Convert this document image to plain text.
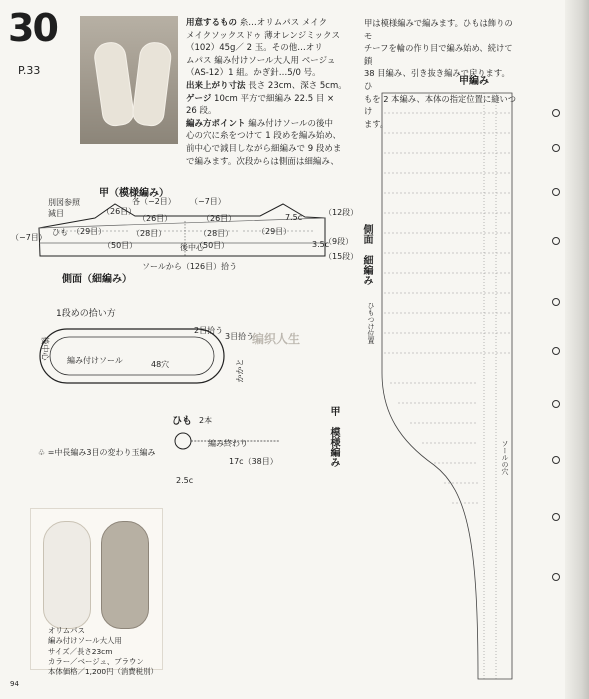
30
P.33
用意するもの 糸…オリムパス メイク
メイクソックスドゥ 薄オレンジミックス
（102）45g／ 2 玉。その他…オリ
ムパス 編み付けソール大人用 ベージュ
（AS-12）1 組。かぎ針…5/0 号。
出来上がり寸法 長さ 23cm、深さ 5cm。
ゲージ 10cm 平方で細編み 22.5 目 ×
26 段。
編み方ポイント 編み付けソールの後中
心の穴に糸をつけて 1 段めを編み始め、
前中心で減目しながら細編みで 9 段めま
で編みます。次段からは側面は細編み、
甲は模様編みで編みます。ひもは飾りのモ
チーフを輪の作り目で編み始め、続けて鎖
38 目編み、引き抜き編みで戻ります。ひ
もを 2 本編み、本体の指定位置に縫いつけ
ます。
甲（模様編み）
別図参照
減目
ひも
（−7目）
各（−2目） （−7目）
（26目）
（26目）	（26目）
（29目）	（29目）
（28目）	（28目）
（50目）	（50目）
後中心
ソールから（126目）拾う
7.5c
3.5c
（12段）
（9段）
（15段）
側面（細編み）
1段めの拾い方
編み付けソール	48穴
後中心
かかと
2目拾う
3目拾う
编织人生
ひも 2本
編み終わり
17c（38目）
2.5c
♧ =中長編み3目の変わり玉編み
側面 細編み
甲編み
甲 模様編み
ひもつけ位置
ソールの穴
オリムパス
編み付けソール大人用
サイズ／長さ23cm
カラー／ベージュ、ブラウン
本体価格／1,200円（消費税別）
94
